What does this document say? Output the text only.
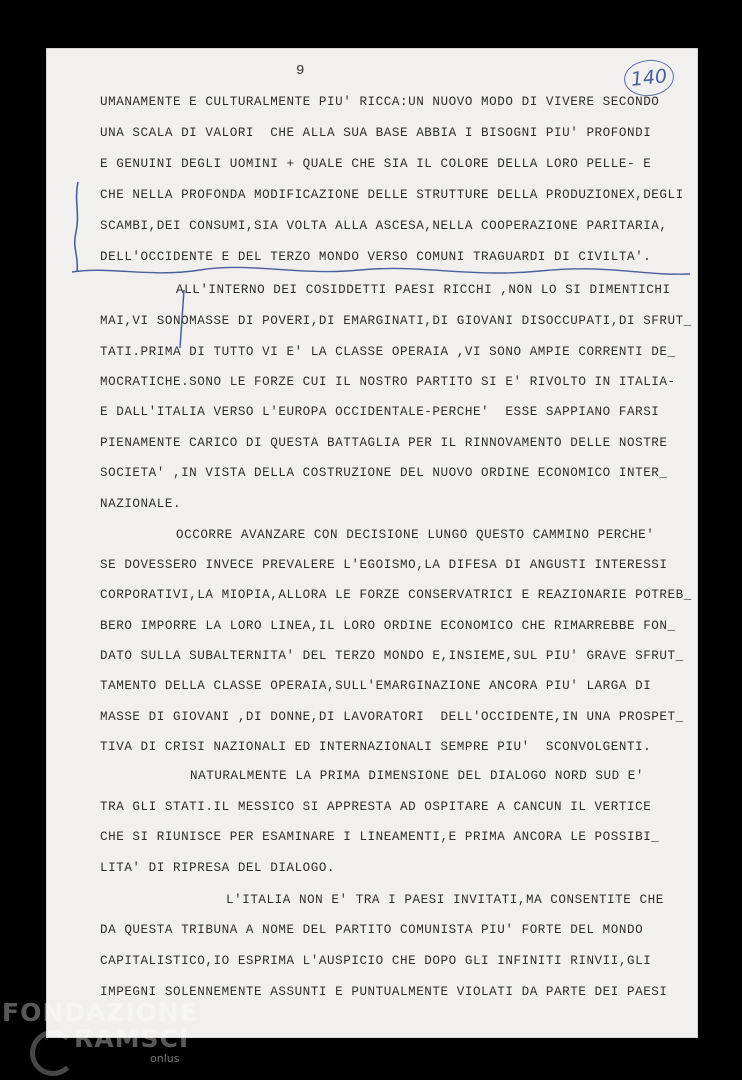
9	140
UMANAMENTE E CULTURALMENTE PIU' RICCA:UN NUOVO MODO DI VIVERE SECONDO
UNA SCALA DI VALORI  CHE ALLA SUA BASE ABBIA I BISOGNI PIU' PROFONDI
E GENUINI DEGLI UOMINI + QUALE CHE SIA IL COLORE DELLA LORO PELLE- E
CHE NELLA PROFONDA MODIFICAZIONE DELLE STRUTTURE DELLA PRODUZIONEX,DEGLI
SCAMBI,DEI CONSUMI,SIA VOLTA ALLA ASCESA,NELLA COOPERAZIONE PARITARIA,
DELL'OCCIDENTE E DEL TERZO MONDO VERSO COMUNI TRAGUARDI DI CIVILTA'.
ALL'INTERNO DEI COSIDDETTI PAESI RICCHI ,NON LO SI DIMENTICHI
MAI,VI SONOMASSE DI POVERI,DI EMARGINATI,DI GIOVANI DISOCCUPATI,DI SFRUT_
TATI.PRIMA DI TUTTO VI E' LA CLASSE OPERAIA ,VI SONO AMPIE CORRENTI DE_
MOCRATICHE.SONO LE FORZE CUI IL NOSTRO PARTITO SI E' RIVOLTO IN ITALIA-
E DALL'ITALIA VERSO L'EUROPA OCCIDENTALE-PERCHE'  ESSE SAPPIANO FARSI
PIENAMENTE CARICO DI QUESTA BATTAGLIA PER IL RINNOVAMENTO DELLE NOSTRE
SOCIETA' ,IN VISTA DELLA COSTRUZIONE DEL NUOVO ORDINE ECONOMICO INTER_
NAZIONALE.
OCCORRE AVANZARE CON DECISIONE LUNGO QUESTO CAMMINO PERCHE'
SE DOVESSERO INVECE PREVALERE L'EGOISMO,LA DIFESA DI ANGUSTI INTERESSI
CORPORATIVI,LA MIOPIA,ALLORA LE FORZE CONSERVATRICI E REAZIONARIE POTREB_
BERO IMPORRE LA LORO LINEA,IL LORO ORDINE ECONOMICO CHE RIMARREBBE FON_
DATO SULLA SUBALTERNITA' DEL TERZO MONDO E,INSIEME,SUL PIU' GRAVE SFRUT_
TAMENTO DELLA CLASSE OPERAIA,SULL'EMARGINAZIONE ANCORA PIU' LARGA DI
MASSE DI GIOVANI ,DI DONNE,DI LAVORATORI  DELL'OCCIDENTE,IN UNA PROSPET_
TIVA DI CRISI NAZIONALI ED INTERNAZIONALI SEMPRE PIU'  SCONVOLGENTI.
NATURALMENTE LA PRIMA DIMENSIONE DEL DIALOGO NORD SUD E'
TRA GLI STATI.IL MESSICO SI APPRESTA AD OSPITARE A CANCUN IL VERTICE
CHE SI RIUNISCE PER ESAMINARE I LINEAMENTI,E PRIMA ANCORA LE POSSIBI_
LITA' DI RIPRESA DEL DIALOGO.
L'ITALIA NON E' TRA I PAESI INVITATI,MA CONSENTITE CHE
DA QUESTA TRIBUNA A NOME DEL PARTITO COMUNISTA PIU' FORTE DEL MONDO
CAPITALISTICO,IO ESPRIMA L'AUSPICIO CHE DOPO GLI INFINITI RINVII,GLI
IMPEGNI SOLENNEMENTE ASSUNTI E PUNTUALMENTE VIOLATI DA PARTE DEI PAESI
FONDAZIONE
RAMSCI
onlus
